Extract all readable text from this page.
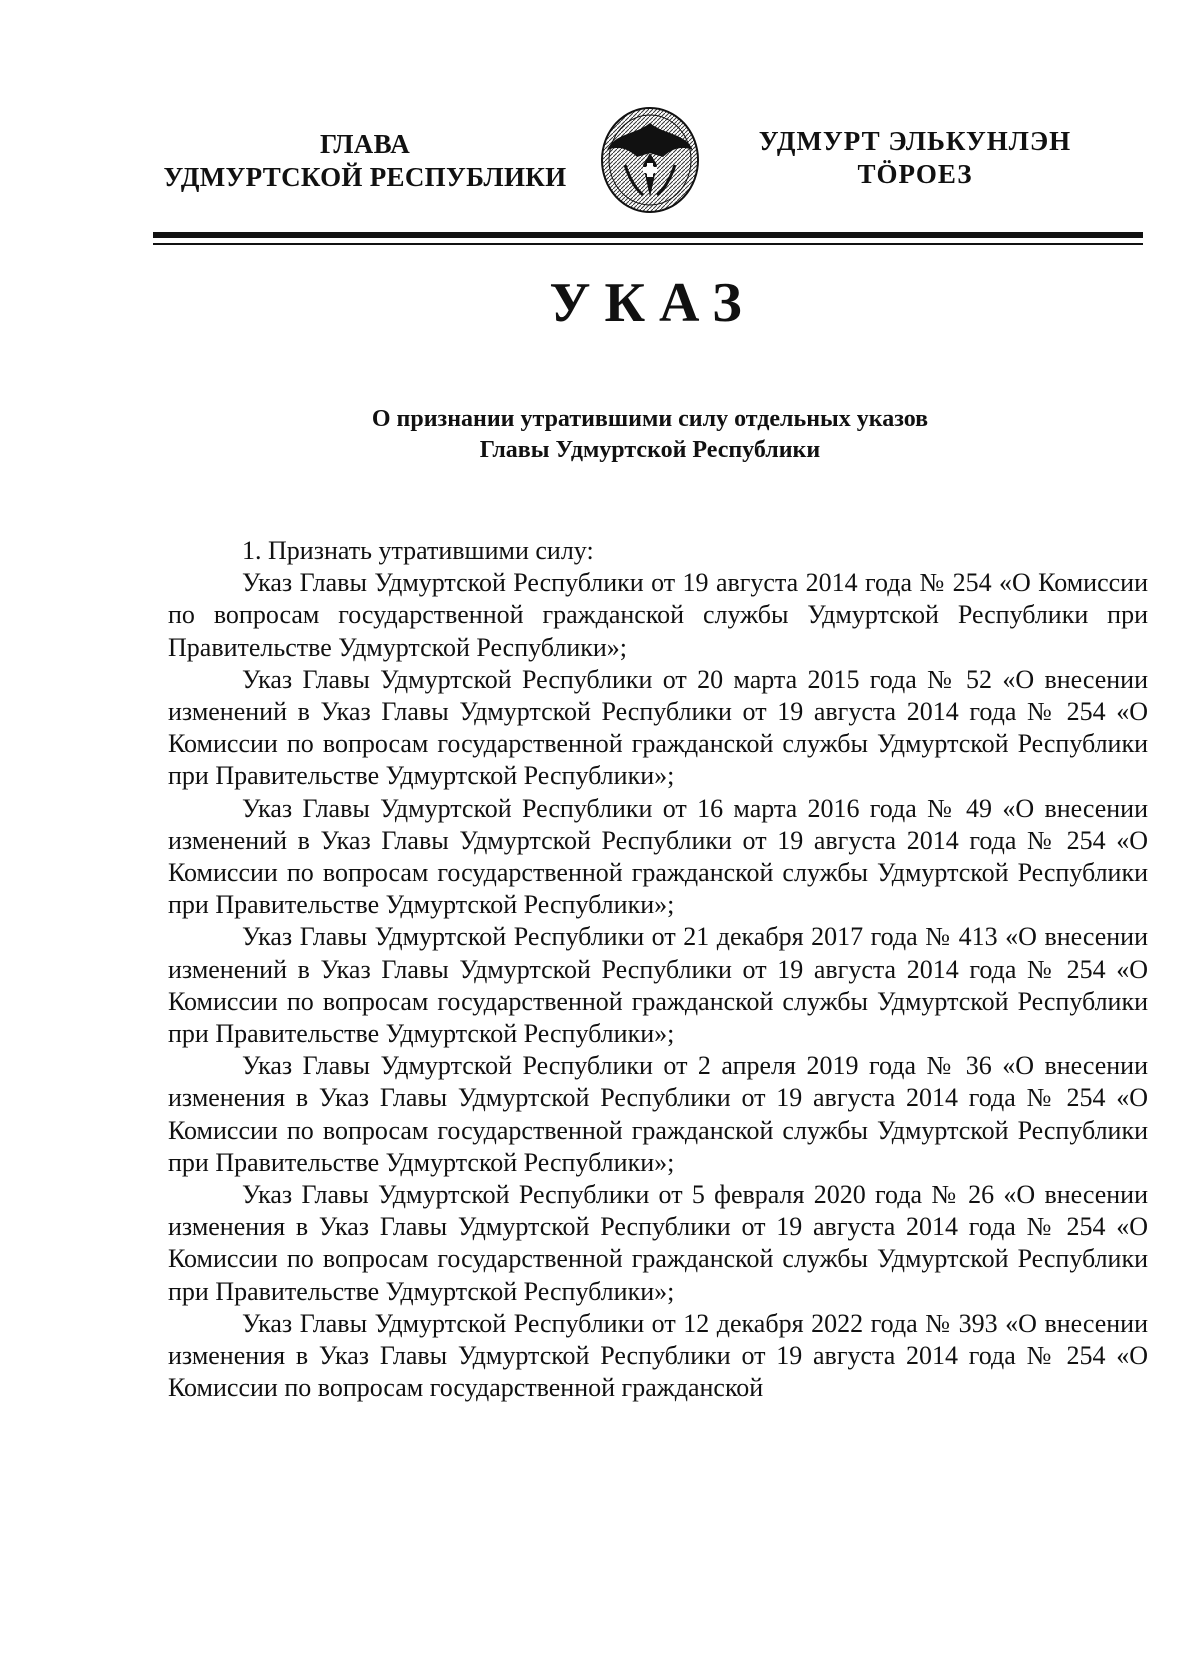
ГЛАВА
УДМУРТСКОЙ РЕСПУБЛИКИ
УДМУРТ ЭЛЬКУНЛЭН
ТӦРОЕЗ
УКАЗ
О признании утратившими силу отдельных указов
Главы Удмуртской Республики

1. Признать утратившими силу:

Указ Главы Удмуртской Республики от 19 августа 2014 года № 254 «О Комиссии по вопросам государственной гражданской службы Удмуртской Республики при Правительстве Удмуртской Республики»;

Указ Главы Удмуртской Республики от 20 марта 2015 года № 52 «О внесении изменений в Указ Главы Удмуртской Республики от 19 августа 2014 года № 254 «О Комиссии по вопросам государственной гражданской службы Удмуртской Республики при Правительстве Удмуртской Республики»;

Указ Главы Удмуртской Республики от 16 марта 2016 года № 49 «О внесении изменений в Указ Главы Удмуртской Республики от 19 августа 2014 года № 254 «О Комиссии по вопросам государственной гражданской службы Удмуртской Республики при Правительстве Удмуртской Республики»;

Указ Главы Удмуртской Республики от 21 декабря 2017 года № 413 «О внесении изменений в Указ Главы Удмуртской Республики от 19 августа 2014 года № 254 «О Комиссии по вопросам государственной гражданской службы Удмуртской Республики при Правительстве Удмуртской Республики»;

Указ Главы Удмуртской Республики от 2 апреля 2019 года № 36 «О внесении изменения в Указ Главы Удмуртской Республики от 19 августа 2014 года № 254 «О Комиссии по вопросам государственной гражданской службы Удмуртской Республики при Правительстве Удмуртской Республики»;

Указ Главы Удмуртской Республики от 5 февраля 2020 года № 26 «О внесении изменения в Указ Главы Удмуртской Республики от 19 августа 2014 года № 254 «О Комиссии по вопросам государственной гражданской службы Удмуртской Республики при Правительстве Удмуртской Республики»;

Указ Главы Удмуртской Республики от 12 декабря 2022 года № 393 «О внесении изменения в Указ Главы Удмуртской Республики от 19 августа 2014 года № 254 «О Комиссии по вопросам государственной гражданской
